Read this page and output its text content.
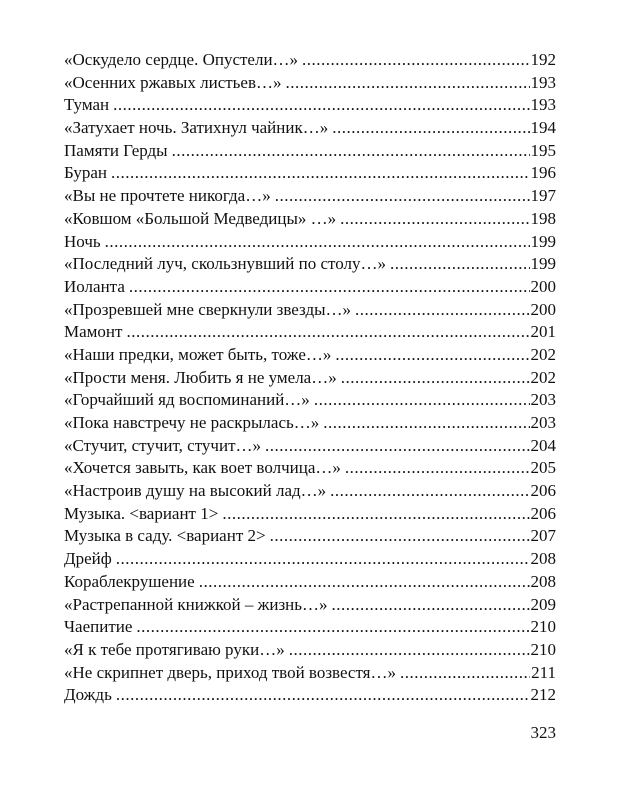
«Оскудело сердце. Опустели…» .....	192
«Осенних ржавых листьев…» .....	193
Туман .....	193
«Затухает ночь. Затихнул чайник…» .....	194
Памяти Герды .....	195
Буран .....	196
«Вы не прочтете никогда…» .....	197
«Ковшом «Большой Медведицы» …» .....	198
Ночь .....	199
«Последний луч, скользнувший по столу…» .....	199
Иоланта .....	200
«Прозревшей мне сверкнули звезды…» .....	200
Мамонт .....	201
«Наши предки, может быть, тоже…» .....	202
«Прости меня. Любить я не умела…» .....	202
«Горчайший яд воспоминаний…» .....	203
«Пока навстречу не раскрылась…» .....	203
«Стучит, стучит, стучит…» .....	204
«Хочется завыть, как воет волчица…» .....	205
«Настроив душу на высокий лад…» .....	206
Музыка. <вариант 1> .....	206
Музыка в саду. <вариант 2> .....	207
Дрейф .....	208
Кораблекрушение .....	208
«Растрепанной книжкой – жизнь…» .....	209
Чаепитие .....	210
«Я к тебе протягиваю руки…» .....	210
«Не скрипнет дверь, приход твой возвестя…» .....	211
Дождь .....	212
323
